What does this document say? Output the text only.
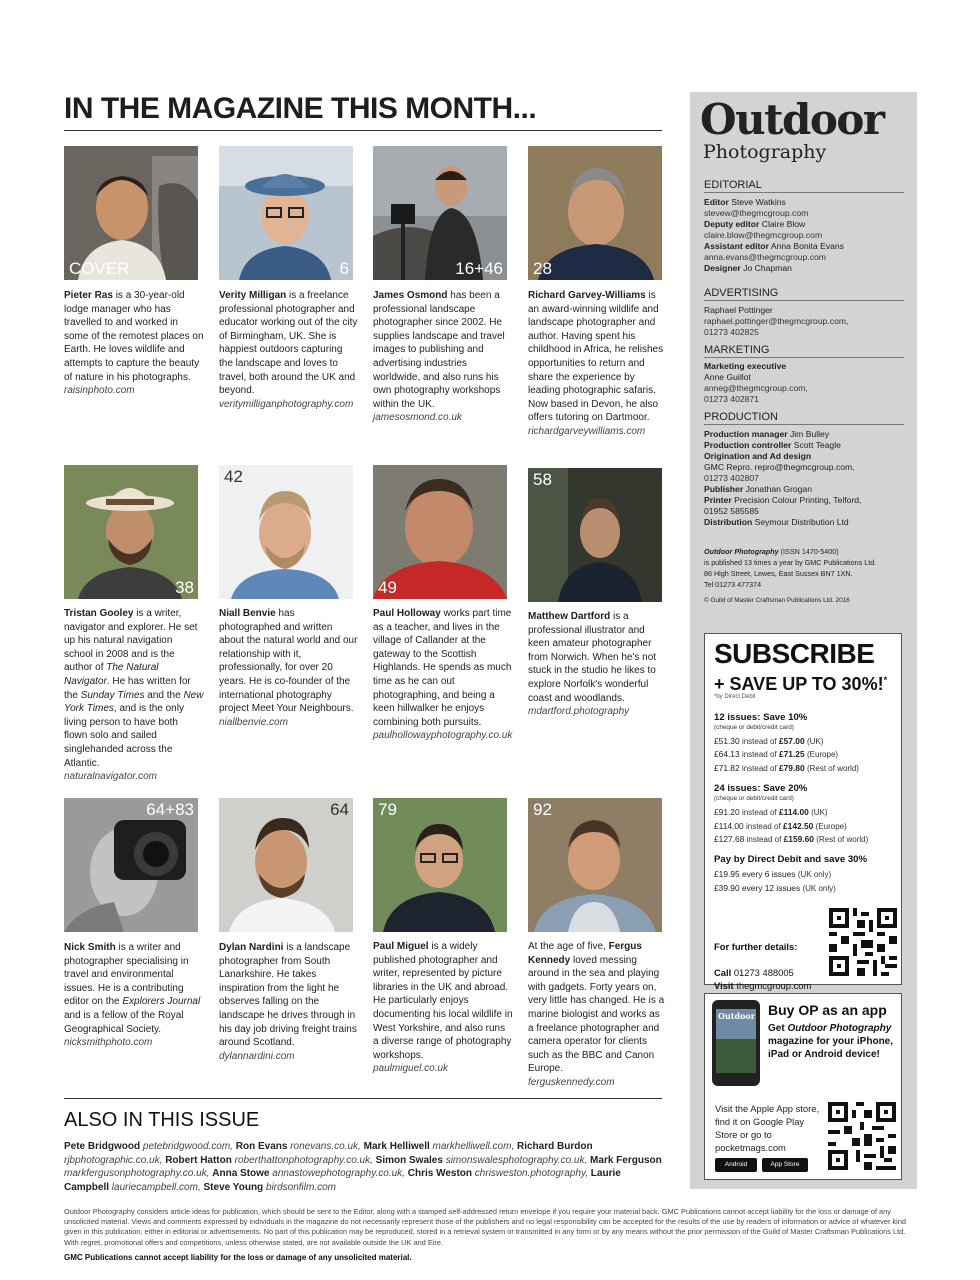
IN THE MAGAZINE THIS MONTH...
COVER	6	16+46 28
Pieter Ras is a 30-year-old lodge manager who has travelled to and worked in some of the remotest places on Earth. He loves wildlife and attempts to capture the beauty of nature in his photographs.
raisinphoto.com
Verity Milligan is a freelance professional photographer and educator working out of the city of Birmingham, UK. She is happiest outdoors capturing the landscape and loves to travel, both around the UK and beyond.
veritymilliganphotography.com
James Osmond has been a professional landscape photographer since 2002. He supplies landscape and travel images to publishing and advertising industries worldwide, and also runs his own photography workshops within the UK.
jamesosmond.co.uk
Richard Garvey-Williams is an award-winning wildlife and landscape photographer and author. Having spent his childhood in Africa, he relishes opportunities to return and share the experience by leading photographic safaris. Now based in Devon, he also offers tutoring on Dartmoor.
richardgarveywilliams.com
38
42
49
58
Tristan Gooley is a writer, navigator and explorer. He set up his natural navigation school in 2008 and is the author of The Natural Navigator. He has written for the Sunday Times and the New York Times, and is the only living person to have both flown solo and sailed singlehanded across the Atlantic.
naturalnavigator.com
Niall Benvie has photographed and written about the natural world and our relationship with it, professionally, for over 20 years. He is co-founder of the international photography project Meet Your Neighbours.
niallbenvie.com
Paul Holloway works part time as a teacher, and lives in the village of Callander at the gateway to the Scottish Highlands. He spends as much time as he can out photographing, and being a keen hillwalker he enjoys combining both pursuits.
paulhollowayphotography.co.uk
Matthew Dartford is a professional illustrator and keen amateur photographer from Norwich. When he's not stuck in the studio he likes to explore Norfolk's wonderful coast and woodlands.
mdartford.photography
64+83	64 79	92
Nick Smith is a writer and photographer specialising in travel and environmental issues. He is a contributing editor on the Explorers Journal and is a fellow of the Royal Geographical Society.
nicksmithphoto.com
Dylan Nardini is a landscape photographer from South Lanarkshire. He takes inspiration from the light he observes falling on the landscape he drives through in his day job driving freight trains around Scotland.
dylannardini.com
Paul Miguel is a widely published photographer and writer, represented by picture libraries in the UK and abroad. He particularly enjoys documenting his local wildlife in West Yorkshire, and also runs a diverse range of photography workshops.
paulmiguel.co.uk
At the age of five, Fergus Kennedy loved messing around in the sea and playing with gadgets. Forty years on, very little has changed. He is a marine biologist and works as a freelance photographer and camera operator for clients such as the BBC and Canon Europe.
ferguskennedy.com
ALSO IN THIS ISSUE
Pete Bridgwood petebridgwood.com, Ron Evans ronevans.co.uk, Mark Helliwell markhelliwell.com, Richard Burdon rjbphotographic.co.uk, Robert Hatton roberthattonphotography.co.uk, Simon Swales simonswalesphotography.co.uk, Mark Ferguson markfergusonphotography.co.uk, Anna Stowe annastowephotography.co.uk, Chris Weston chrisweston.photography, Laurie Campbell lauriecampbell.com, Steve Young birdsonfilm.com
Outdoor Photography considers article ideas for publication, which should be sent to the Editor, along with a stamped self-addressed return envelope if you require your material back. GMC Publications cannot accept liability for the loss or damage of any unsolicited material. Views and comments expressed by individuals in the magazine do not necessarily represent those of the publishers and no legal responsibility can be accepted for the results of the use by readers of information or advice of whatever kind given in this publication, either in editorial or advertisements. No part of this publication may be reproduced, stored in a retrieval system or transmitted in any form or by any means without the prior permission of the Guild of Master Craftsman Publications Ltd. With regret, promotional offers and competitions, unless otherwise stated, are not available outside the UK and Eire.
GMC Publications cannot accept liability for the loss or damage of any unsolicited material.
Outdoor
Photography
EDITORIAL
Editor Steve Watkins
stevew@thegmcgroup.com
Deputy editor Claire Blow
claire.blow@thegmcgroup.com
Assistant editor Anna Bonita Evans
anna.evans@thegmcgroup.com
Designer Jo Chapman
ADVERTISING
Raphael Pottinger
raphael.pottinger@thegmcgroup.com,
01273 402825
MARKETING
Marketing executive
Anne Guillot
anneg@thegmcgroup.com,
01273 402871
PRODUCTION
Production manager Jim Bulley
Production controller Scott Teagle
Origination and Ad design
GMC Repro. repro@thegmcgroup.com,
01273 402807
Publisher Jonathan Grogan
Printer Precision Colour Printing, Telford,
01952 585585
Distribution Seymour Distribution Ltd
Outdoor Photography (ISSN 1470-5400)
is published 13 times a year by GMC Publications Ltd.
86 High Street, Lewes, East Sussex BN7 1XN.
Tel 01273 477374
© Guild of Master Craftsman Publications Ltd. 2016
SUBSCRIBE
+ SAVE UP TO 30%!*
*by Direct Debit
12 issues: Save 10%
(cheque or debit/credit card)
£51.30 instead of £57.00 (UK)
£64.13 instead of £71.25 (Europe)
£71.82 instead of £79.80 (Rest of world)
24 issues: Save 20%
(cheque or debit/credit card)
£91.20 instead of £114.00 (UK)
£114.00 instead of £142.50 (Europe)
£127.68 instead of £159.60 (Rest of world)
Pay by Direct Debit and save 30%
£19.95 every 6 issues (UK only)
£39.90 every 12 issues (UK only)
For further details:

Call 01273 488005
Visit thegmcgroup.com
Outdoor Buy OP as an app
Get Outdoor Photography magazine for your iPhone, iPad or Android device!
Visit the Apple App store, find it on Google Play Store or go to pocketmags.com
Android	App Store
